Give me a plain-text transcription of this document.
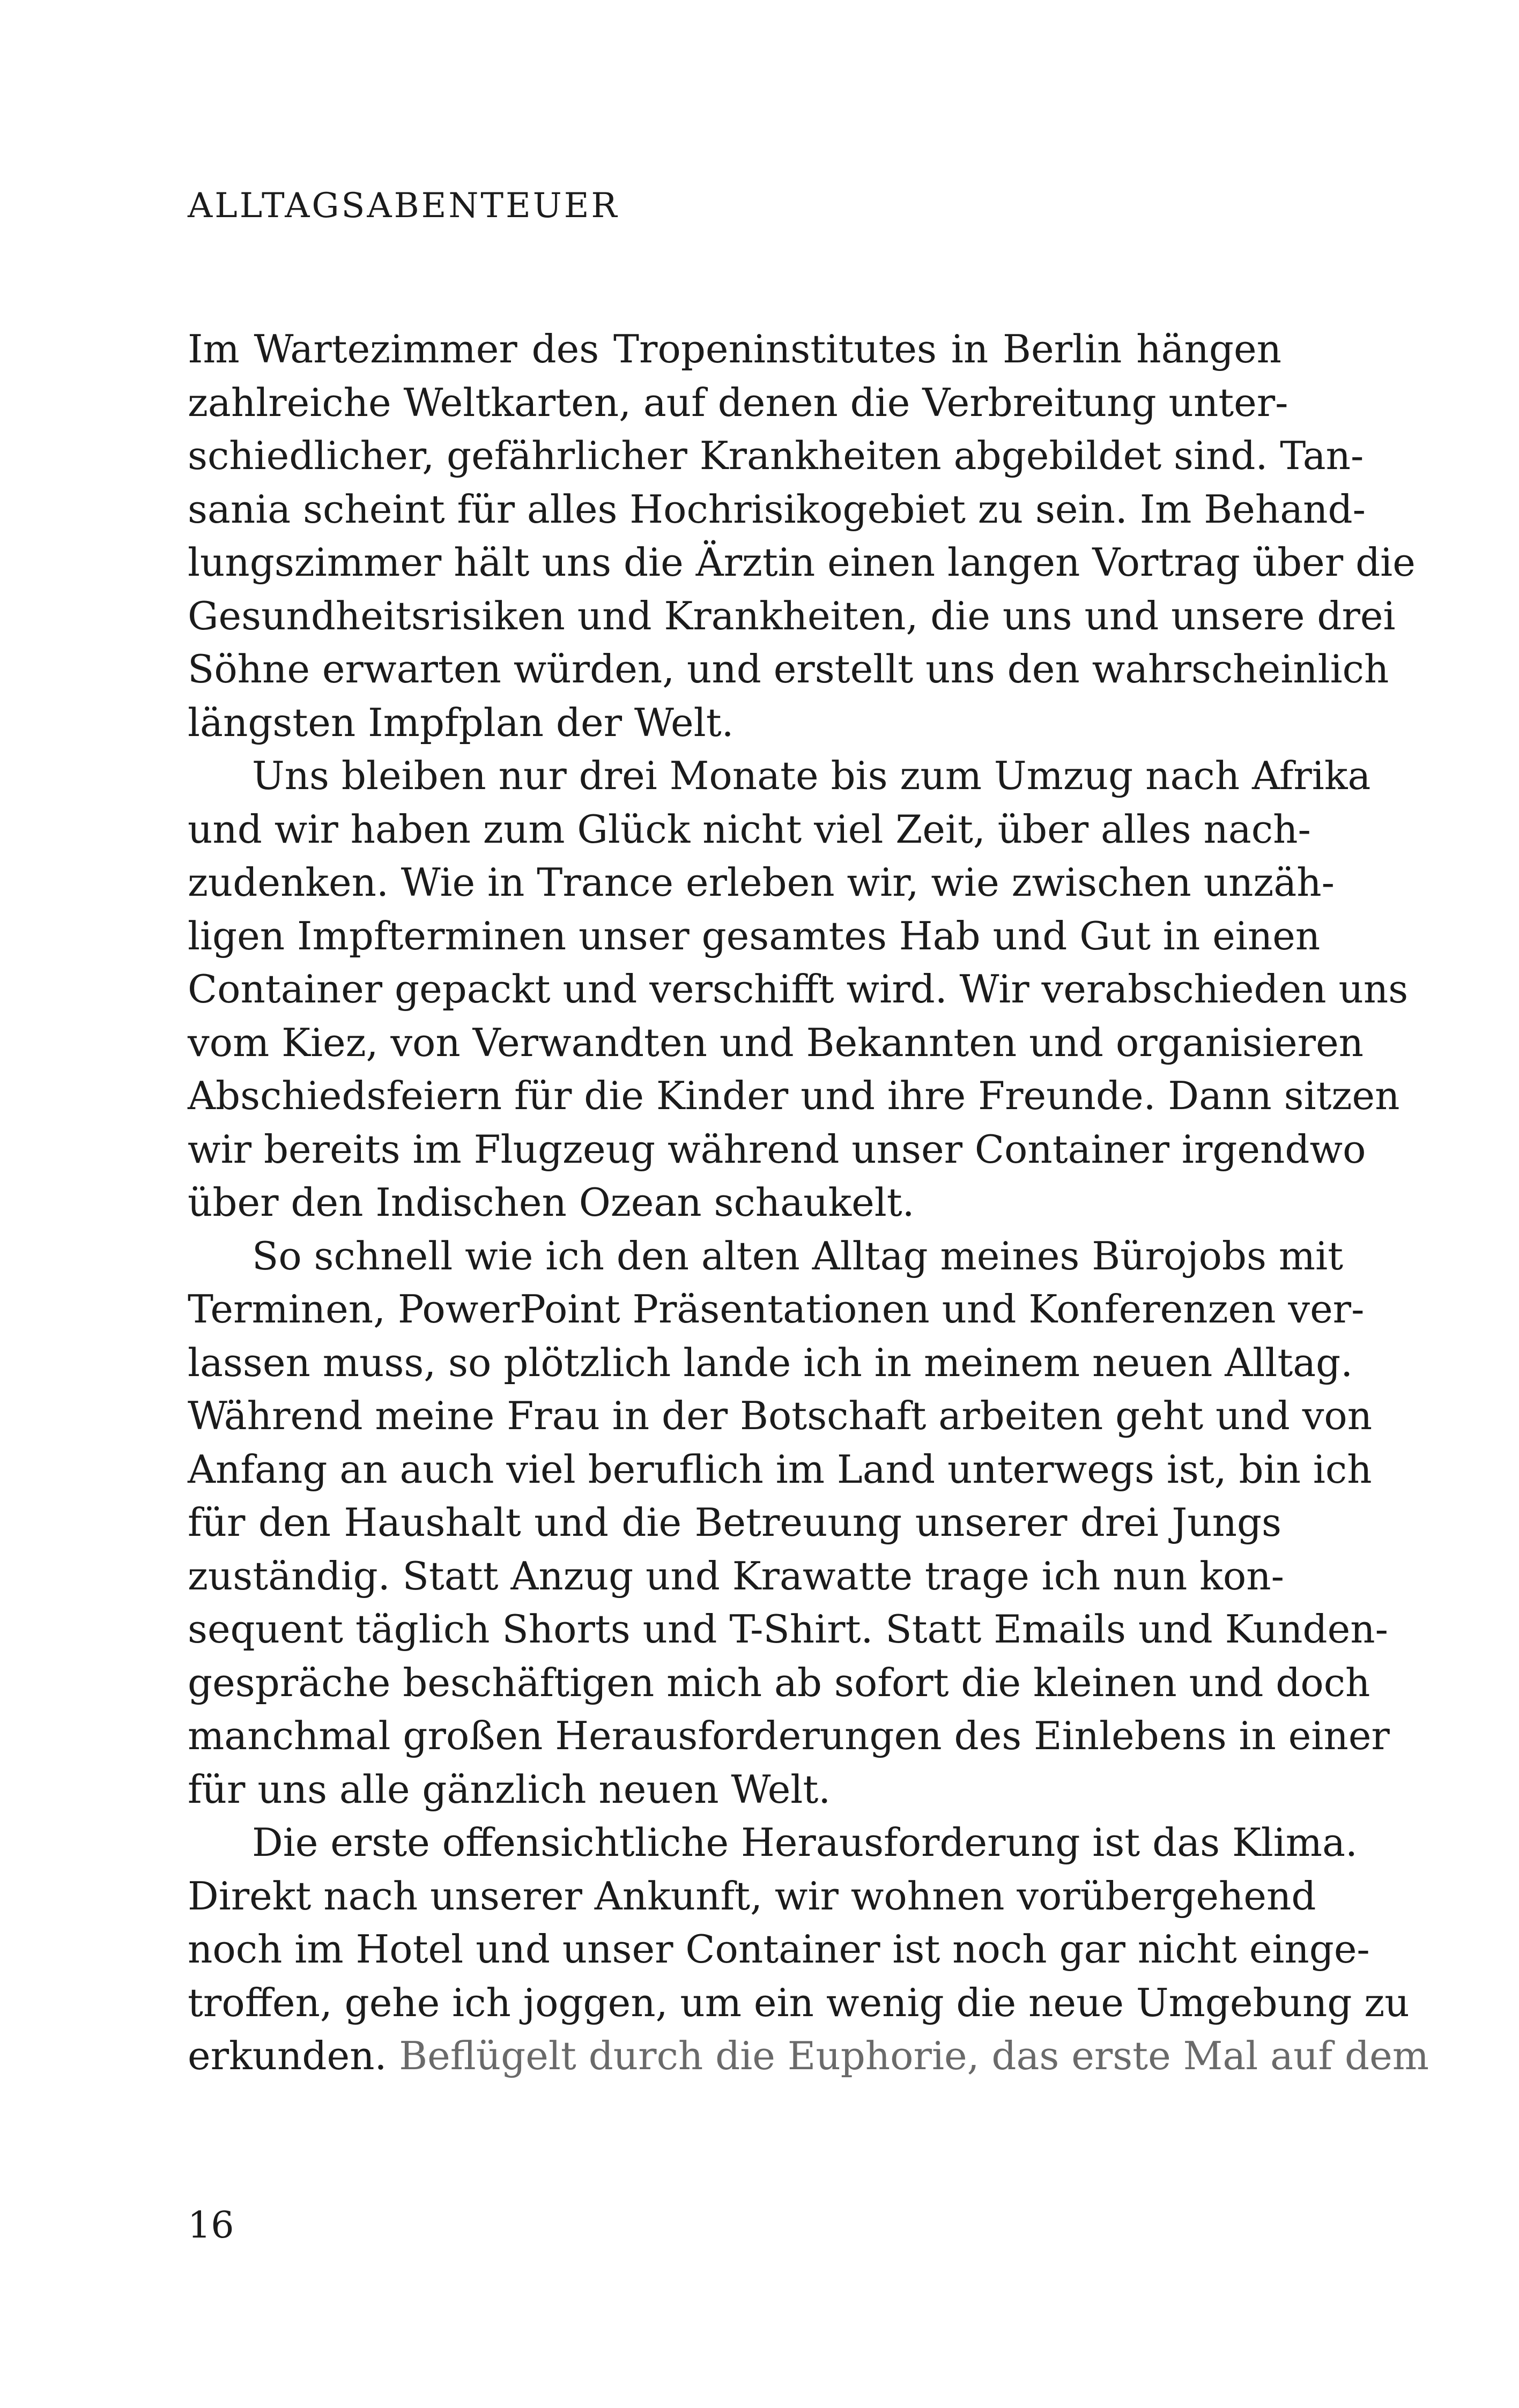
ALLTAGSABENTEUER
Im Wartezimmer des Tropeninstitutes in Berlin hängen
zahlreiche Weltkarten, auf denen die Verbreitung unter-
schiedlicher, gefährlicher Krankheiten abgebildet sind. Tan-
sania scheint für alles Hochrisikogebiet zu sein. Im Behand-
lungszimmer hält uns die Ärztin einen langen Vortrag über die
Gesundheitsrisiken und Krankheiten, die uns und unsere drei
Söhne erwarten würden, und erstellt uns den wahrscheinlich
längsten Impfplan der Welt.
Uns bleiben nur drei Monate bis zum Umzug nach Afrika
und wir haben zum Glück nicht viel Zeit, über alles nach-
zudenken. Wie in Trance erleben wir, wie zwischen unzäh-
ligen Impfterminen unser gesamtes Hab und Gut in einen
Container gepackt und verschifft wird. Wir verabschieden uns
vom Kiez, von Verwandten und Bekannten und organisieren
Abschiedsfeiern für die Kinder und ihre Freunde. Dann sitzen
wir bereits im Flugzeug während unser Container irgendwo
über den Indischen Ozean schaukelt.
So schnell wie ich den alten Alltag meines Bürojobs mit
Terminen, PowerPoint Präsentationen und Konferenzen ver-
lassen muss, so plötzlich lande ich in meinem neuen Alltag.
Während meine Frau in der Botschaft arbeiten geht und von
Anfang an auch viel beruflich im Land unterwegs ist, bin ich
für den Haushalt und die Betreuung unserer drei Jungs
zuständig. Statt Anzug und Krawatte trage ich nun kon-
sequent täglich Shorts und T-Shirt. Statt Emails und Kunden-
gespräche beschäftigen mich ab sofort die kleinen und doch
manchmal großen Herausforderungen des Einlebens in einer
für uns alle gänzlich neuen Welt.
Die erste offensichtliche Herausforderung ist das Klima.
Direkt nach unserer Ankunft, wir wohnen vorübergehend
noch im Hotel und unser Container ist noch gar nicht einge-
troffen, gehe ich joggen, um ein wenig die neue Umgebung zu
erkunden. Beflügelt durch die Euphorie, das erste Mal auf dem
16
